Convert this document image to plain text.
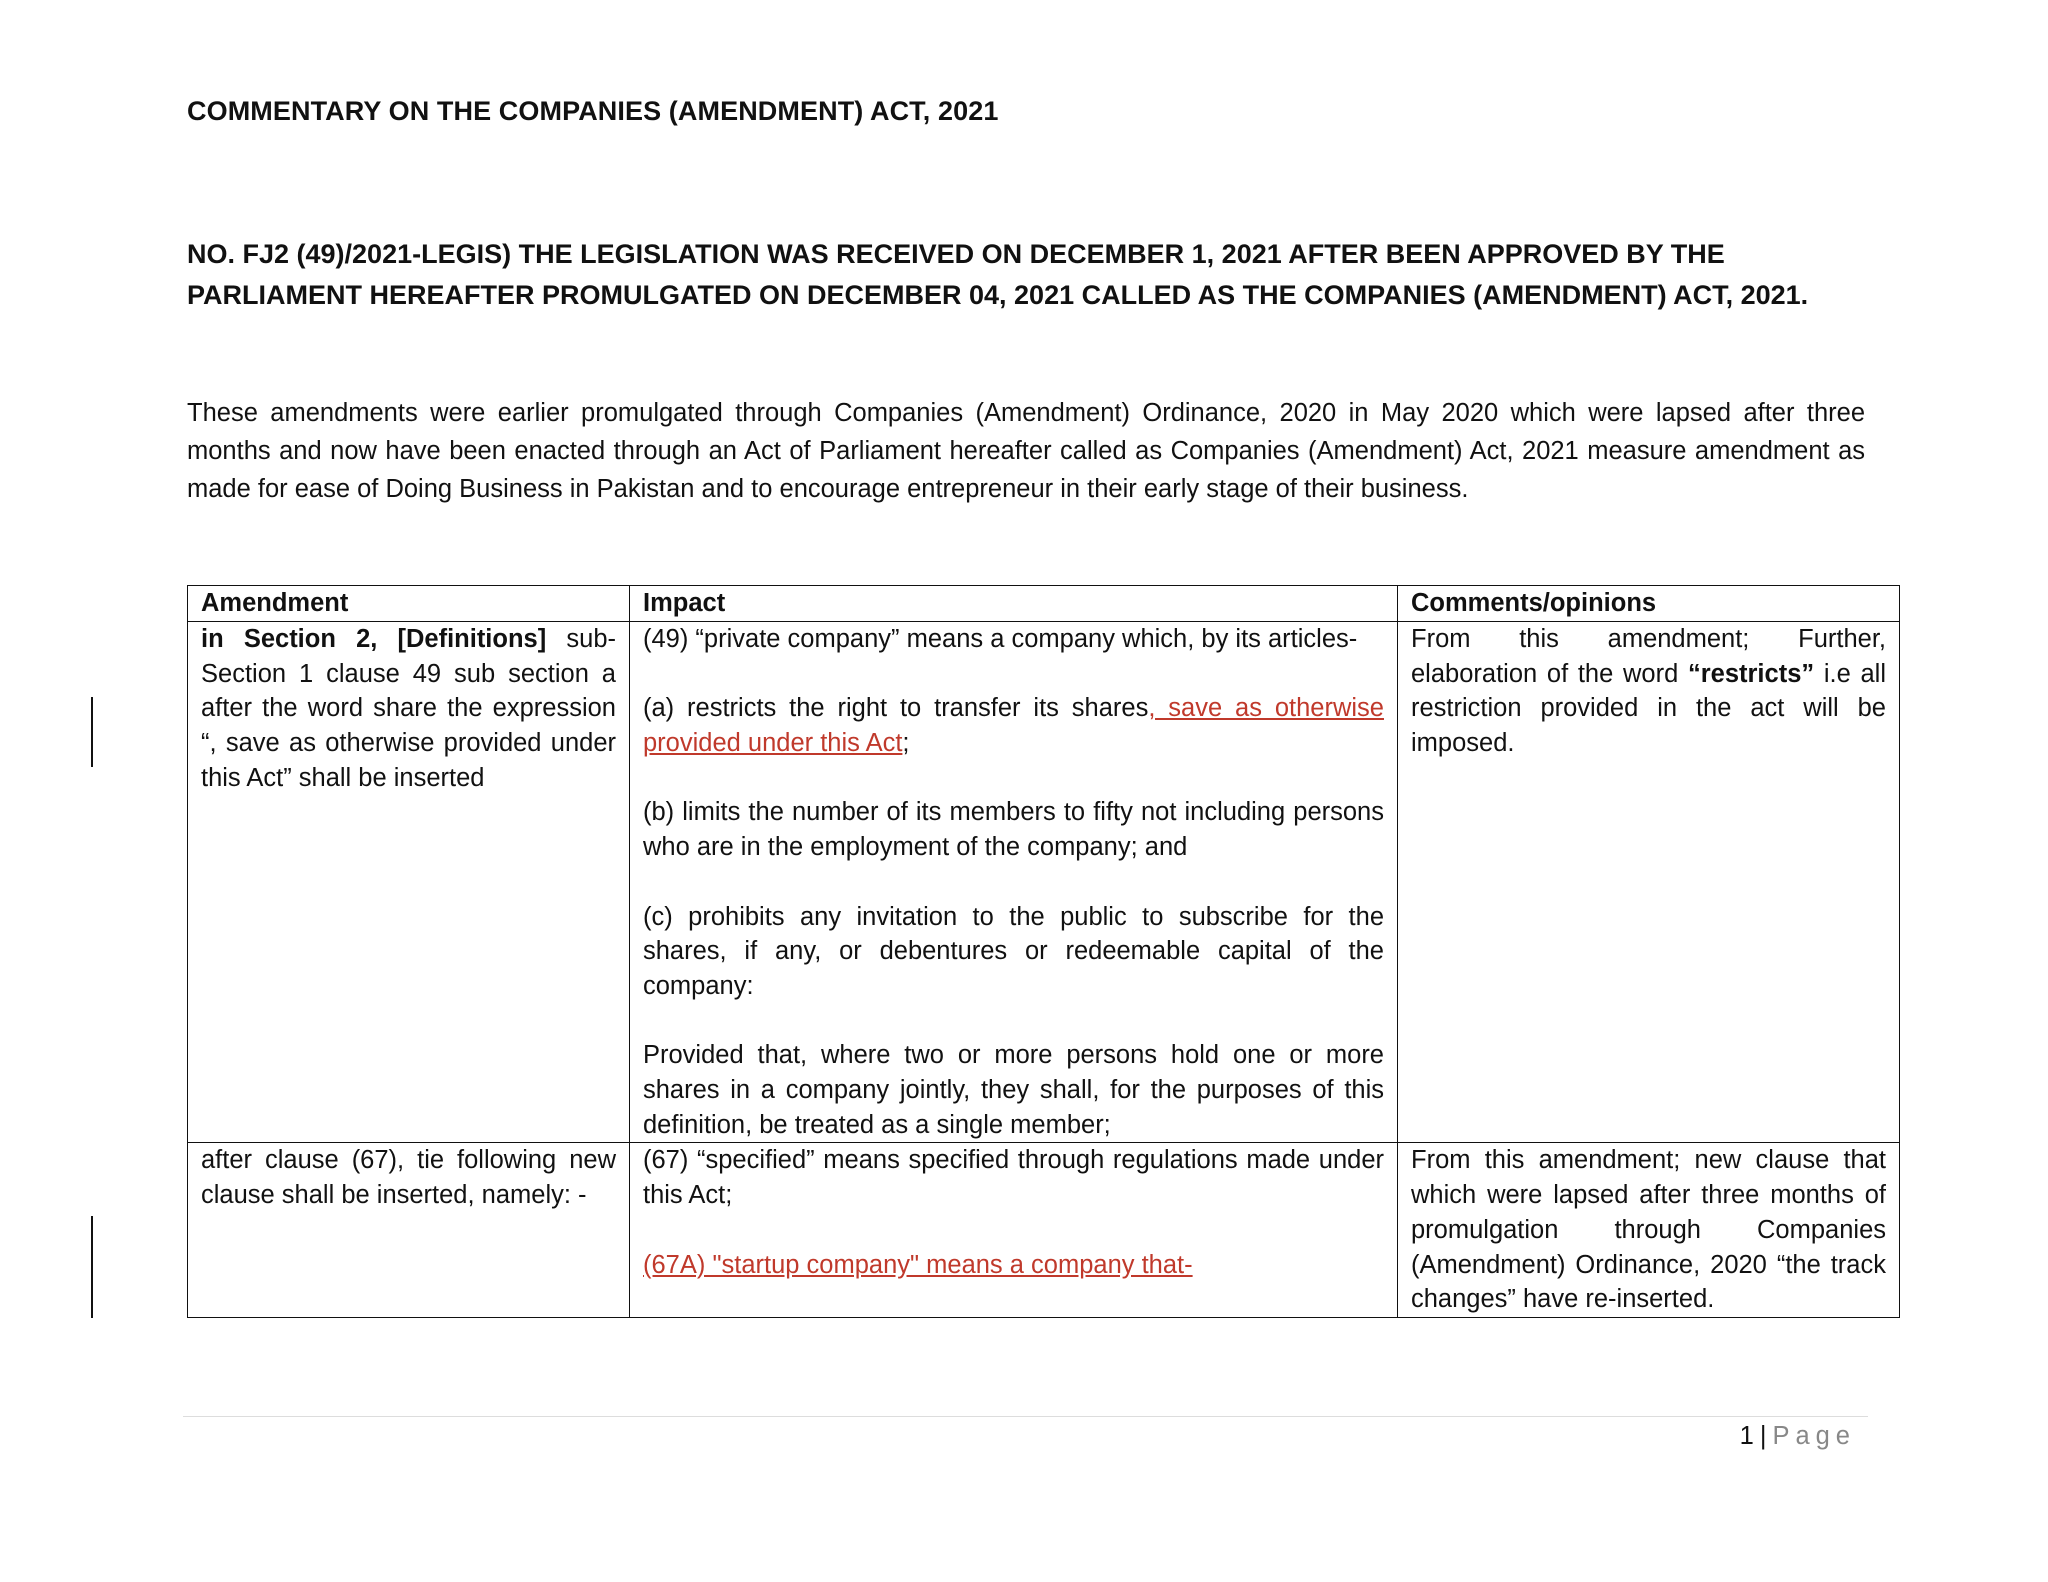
COMMENTARY ON THE COMPANIES (AMENDMENT) ACT, 2021
NO. FJ2 (49)/2021-LEGIS) THE LEGISLATION WAS RECEIVED ON DECEMBER 1, 2021 AFTER BEEN APPROVED BY THE PARLIAMENT HEREAFTER PROMULGATED ON DECEMBER 04, 2021 CALLED AS THE COMPANIES (AMENDMENT) ACT, 2021.
These amendments were earlier promulgated through Companies (Amendment) Ordinance, 2020 in May 2020 which were lapsed after three months and now have been enacted through an Act of Parliament hereafter called as Companies (Amendment) Act, 2021 measure amendment as made for ease of Doing Business in Pakistan and to encourage entrepreneur in their early stage of their business.
Amendment	Impact	Comments/opinions
in Section 2, [Definitions] sub-Section 1 clause 49 sub section a after the word share the expression “, save as otherwise provided under this Act” shall be inserted	(49) “private company” means a company which, by its articles-

(a) restricts the right to transfer its shares, save as otherwise provided under this Act;

(b) limits the number of its members to fifty not including persons who are in the employment of the company; and

(c) prohibits any invitation to the public to subscribe for the shares, if any, or debentures or redeemable capital of the company:

Provided that, where two or more persons hold one or more shares in a company jointly, they shall, for the purposes of this definition, be treated as a single member;	From this amendment; Further, elaboration of the word “restricts” i.e all restriction provided in the act will be imposed.
after clause (67), tie following new clause shall be inserted, namely: -	(67) “specified” means specified through regulations made under this Act;

(67A) "startup company" means a company that-	From this amendment; new clause that which were lapsed after three months of promulgation through Companies (Amendment) Ordinance, 2020 “the track changes” have re-inserted.
1 | Page
